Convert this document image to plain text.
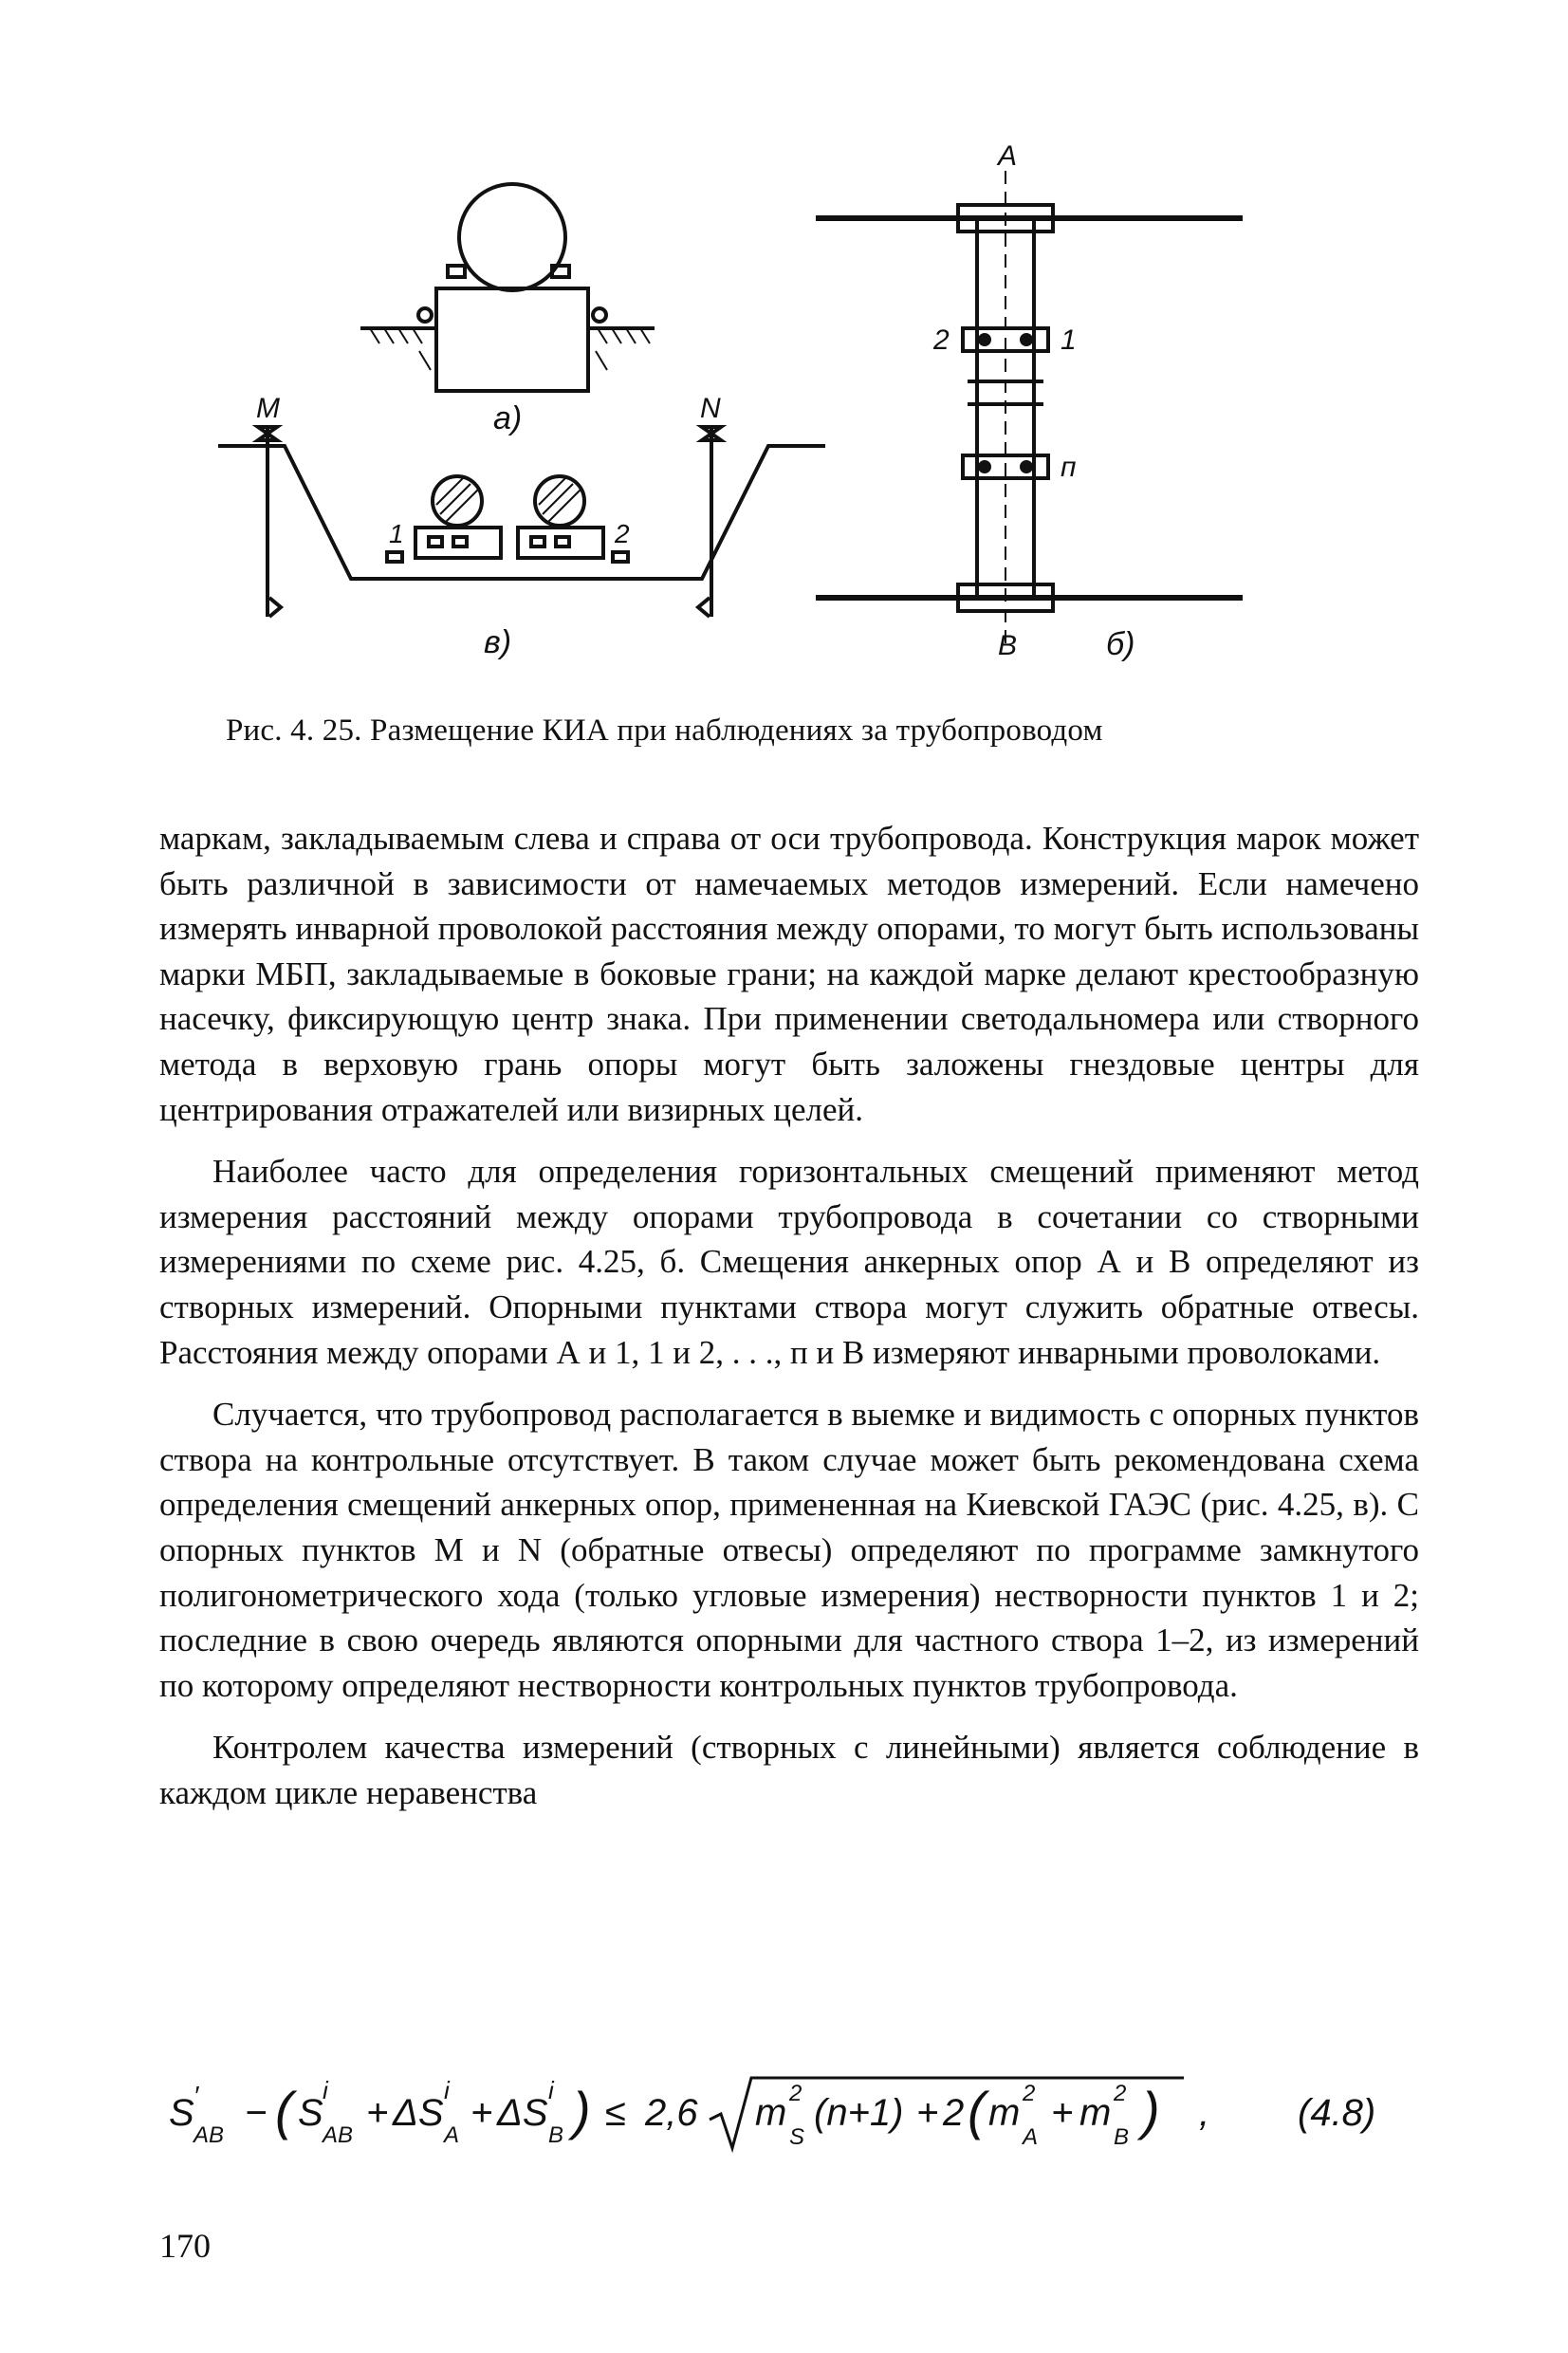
а)
М	N
1	2
в)
А
2	1
п
В	б)
Рис. 4. 25. Размещение КИА при наблюдениях за трубопроводом

маркам, закладываемым слева и справа от оси трубопровода. Конструкция марок может быть различной в зависимости от намечаемых методов измерений. Если намечено измерять инварной проволокой расстояния между опорами, то могут быть использованы марки МБП, закладываемые в боковые грани; на каждой марке делают крестообразную насечку, фиксирующую центр знака. При применении светодальномера или створного метода в верховую грань опоры могут быть заложены гнездовые центры для центрирования отражателей или визирных целей.

Наиболее часто для определения горизонтальных смещений применяют метод измерения расстояний между опорами трубопровода в сочетании со створными измерениями по схеме рис. 4.25, б. Смещения анкерных опор А и В определяют из створных измерений. Опорными пунктами створа могут служить обратные отвесы. Расстояния между опорами А и 1, 1 и 2, . . ., п и В измеряют инварными проволоками.

Случается, что трубопровод располагается в выемке и видимость с опорных пунктов створа на контрольные отсутствует. В таком случае может быть рекомендована схема определения смещений анкерных опор, примененная на Киевской ГАЭС (рис. 4.25, в). С опорных пунктов М и N (обратные отвесы) определяют по программе замкнутого полигонометрического хода (только угловые измерения) нестворности пунктов 1 и 2; последние в свою очередь являются опорными для частного створа 1–2, из измерений по которому определяют нестворности контрольных пунктов трубопровода.

Контролем качества измерений (створных с линейными) является соблюдение в каждом цикле неравенства

S ′
АВ
− ( S
i
АВ
+ ΔS
i
А
+ ΔS
i
В ) ≤ 2,6 m 2
S
(n+1) + 2 ( m 2
А
+ m 2
В ) , (4.8)
170
